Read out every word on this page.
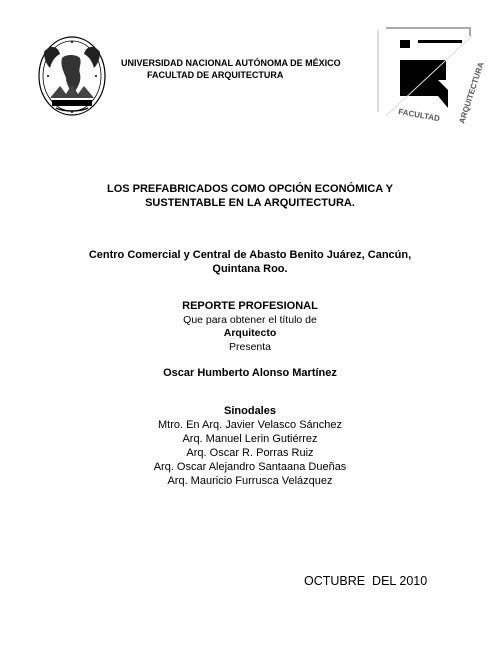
UNIVERSIDAD NACIONAL AUTÓNOMA DE MÉXICO
FACULTAD DE ARQUITECTURA
FACULTAD ARQUITECTURA
LOS PREFABRICADOS COMO OPCIÓN ECONÓMICA Y
SUSTENTABLE EN LA ARQUITECTURA.
Centro Comercial y Central de Abasto Benito Juárez, Cancún,
Quintana Roo.
REPORTE PROFESIONAL
Que para obtener el título de
Arquitecto
Presenta
Oscar Humberto Alonso Martínez
Sinodales
Mtro. En Arq. Javier Velasco Sánchez
Arq. Manuel Lerin Gutiérrez
Arq. Oscar R. Porras Ruiz
Arq. Oscar Alejandro Santaana Dueñas
Arq. Mauricio Furrusca Velázquez
OCTUBRE  DEL 2010
